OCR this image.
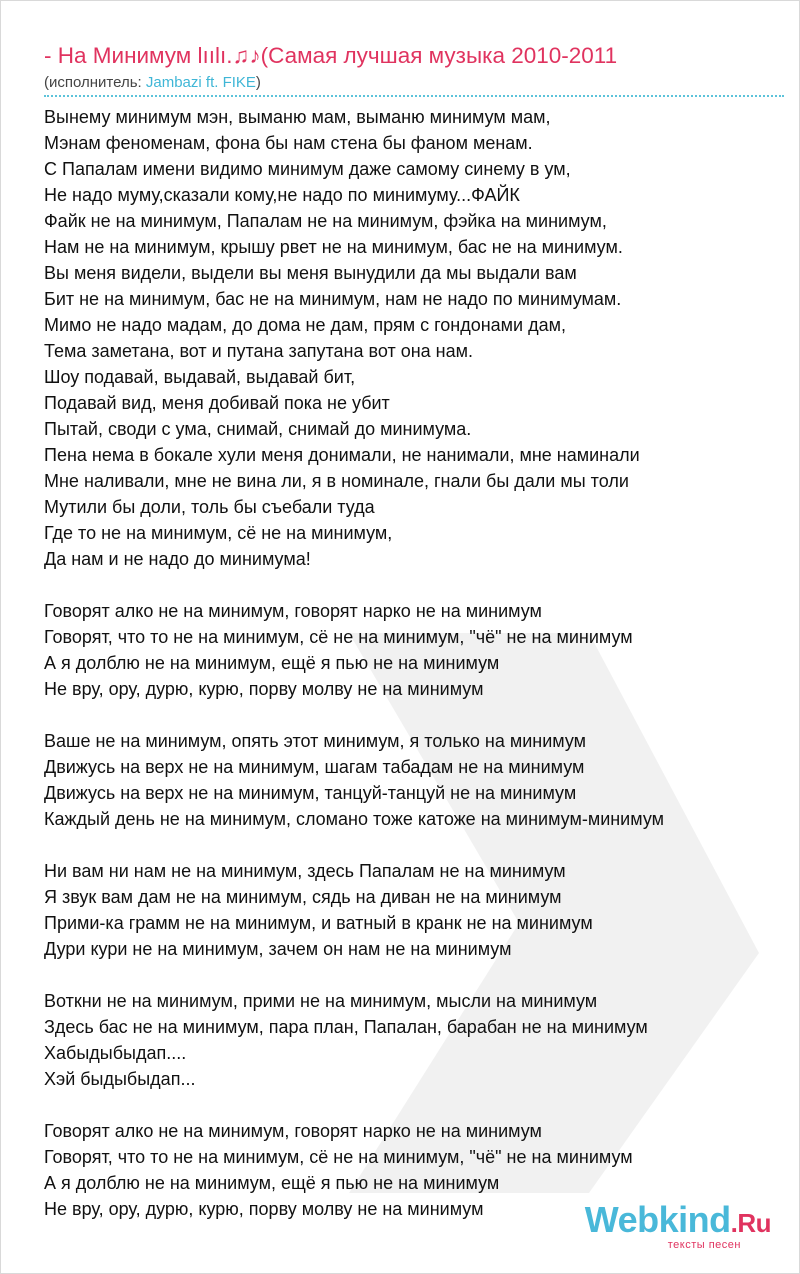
- На Минимум lıılı.♫♪(Самая лучшая музыка 2010-2011
(исполнитель: Jambazi ft. FIKE)
Вынему минимум мэн, выманю мам, выманю минимум мам,
Мэнам феноменам, фона бы нам стена бы фаном менам.
С Папалам имени видимо минимум даже самому синему в ум,
Не надо муму,сказали кому,не надо по минимуму...ФАЙК
Файк не на минимум, Папалам не на минимум, фэйка на минимум,
Нам не на минимум, крышу рвет не на минимум, бас не на минимум.
Вы меня видели, выдели вы меня вынудили да мы выдали вам
Бит не на минимум, бас не на минимум, нам не надо по минимумам.
Мимо не надо мадам, до дома не дам, прям с гондонами дам,
Тема заметана, вот и путана запутана вот она нам.
Шоу подавай, выдавай, выдавай бит,
Подавай вид, меня добивай пока не убит
Пытай, своди с ума, снимай, снимай до минимума.
Пена нема в бокале хули меня донимали, не нанимали, мне наминали
Мне наливали, мне не вина ли, я в номинале, гнали бы дали мы толи
Мутили бы доли, толь бы съебали туда
Где то не на минимум, сё не на минимум,
Да нам и не надо до минимума!
Говорят алко не на минимум, говорят нарко не на минимум
Говорят, что то не на минимум, сё не на минимум, "чё" не на минимум
А я долблю не на минимум, ещё я пью не на минимум
Не вру, ору, дурю, курю, порву молву не на минимум
Ваше не на минимум, опять этот минимум, я только на минимум
Движусь на верх не на минимум, шагам табадам не на минимум
Движусь на верх не на минимум, танцуй-танцуй не на минимум
Каждый день не на минимум, сломано тоже катоже на минимум-минимум
Ни вам ни нам не на минимум, здесь Папалам не на минимум
Я звук вам дам не на минимум, сядь на диван не на минимум
Прими-ка грамм не на минимум, и ватный в кранк не на минимум
Дури кури не на минимум, зачем он нам не на минимум
Воткни не на минимум, прими не на минимум, мысли на минимум
Здесь бас не на минимум, пара план, Папалан, барабан не на минимум
Хабыдыбыдап....
Хэй быдыбыдап...
Говорят алко не на минимум, говорят нарко не на минимум
Говорят, что то не на минимум, сё не на минимум, "чё" не на минимум
А я долблю не на минимум, ещё я пью не на минимум
Не вру, ору, дурю, курю, порву молву не на минимум	Webkind.Ru
тексты песен
